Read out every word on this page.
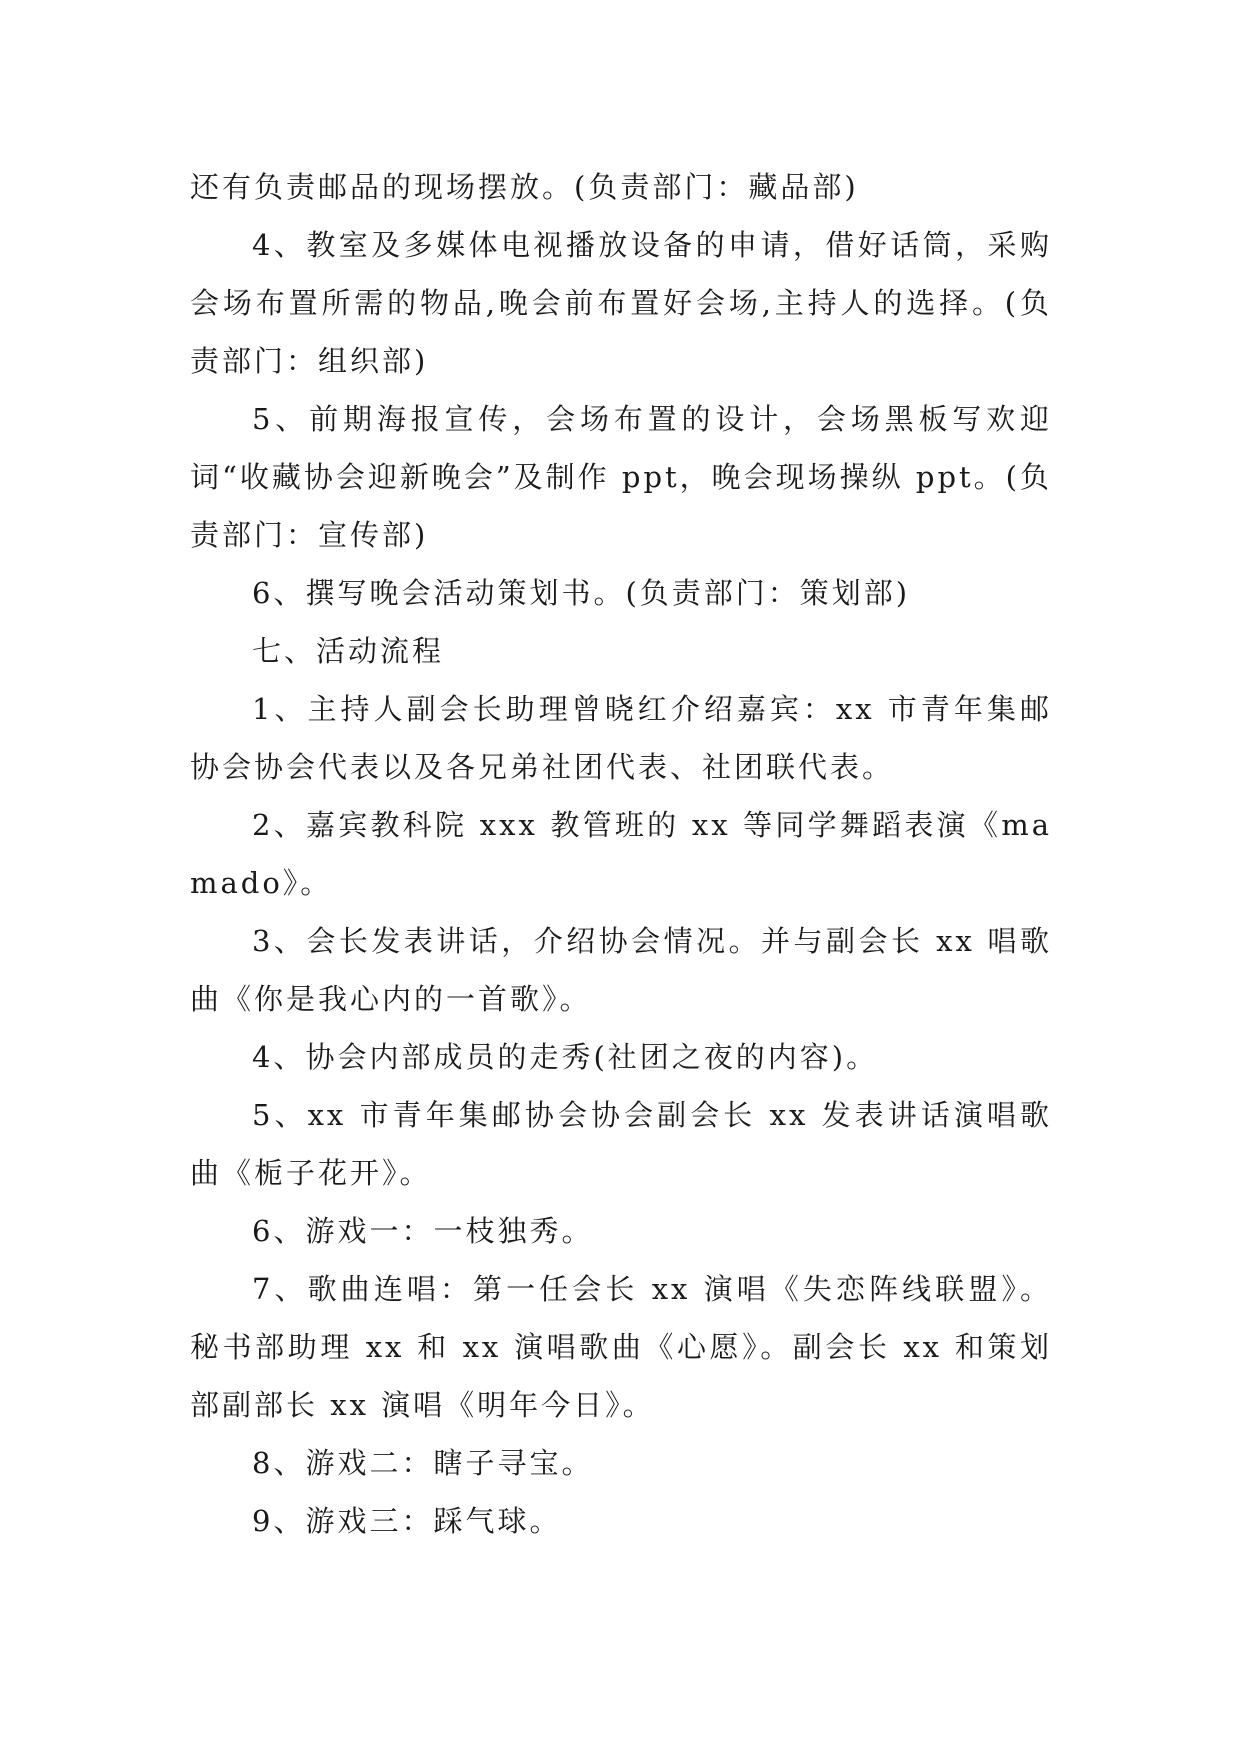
还有负责邮品的现场摆放。(负责部门：藏品部)

4、教室及多媒体电视播放设备的申请，借好话筒，采购会场布置所需的物品,晚会前布置好会场,主持人的选择。(负责部门：组织部)

5、前期海报宣传，会场布置的设计，会场黑板写欢迎词“收藏协会迎新晚会”及制作 ppt，晚会现场操纵 ppt。(负责部门：宣传部)

6、撰写晚会活动策划书。(负责部门：策划部)

七、活动流程

1、主持人副会长助理曾晓红介绍嘉宾：xx 市青年集邮协会协会代表以及各兄弟社团代表、社团联代表。

2、嘉宾教科院 xxx 教管班的 xx 等同学舞蹈表演《ma mado》。

3、会长发表讲话，介绍协会情况。并与副会长 xx 唱歌曲《你是我心内的一首歌》。

4、协会内部成员的走秀(社团之夜的内容)。

5、xx 市青年集邮协会协会副会长 xx 发表讲话演唱歌曲《栀子花开》。

6、游戏一：一枝独秀。

7、歌曲连唱：第一任会长 xx 演唱《失恋阵线联盟》。秘书部助理 xx 和 xx 演唱歌曲《心愿》。副会长 xx 和策划部副部长 xx 演唱《明年今日》。

8、游戏二：瞎子寻宝。

9、游戏三：踩气球。
